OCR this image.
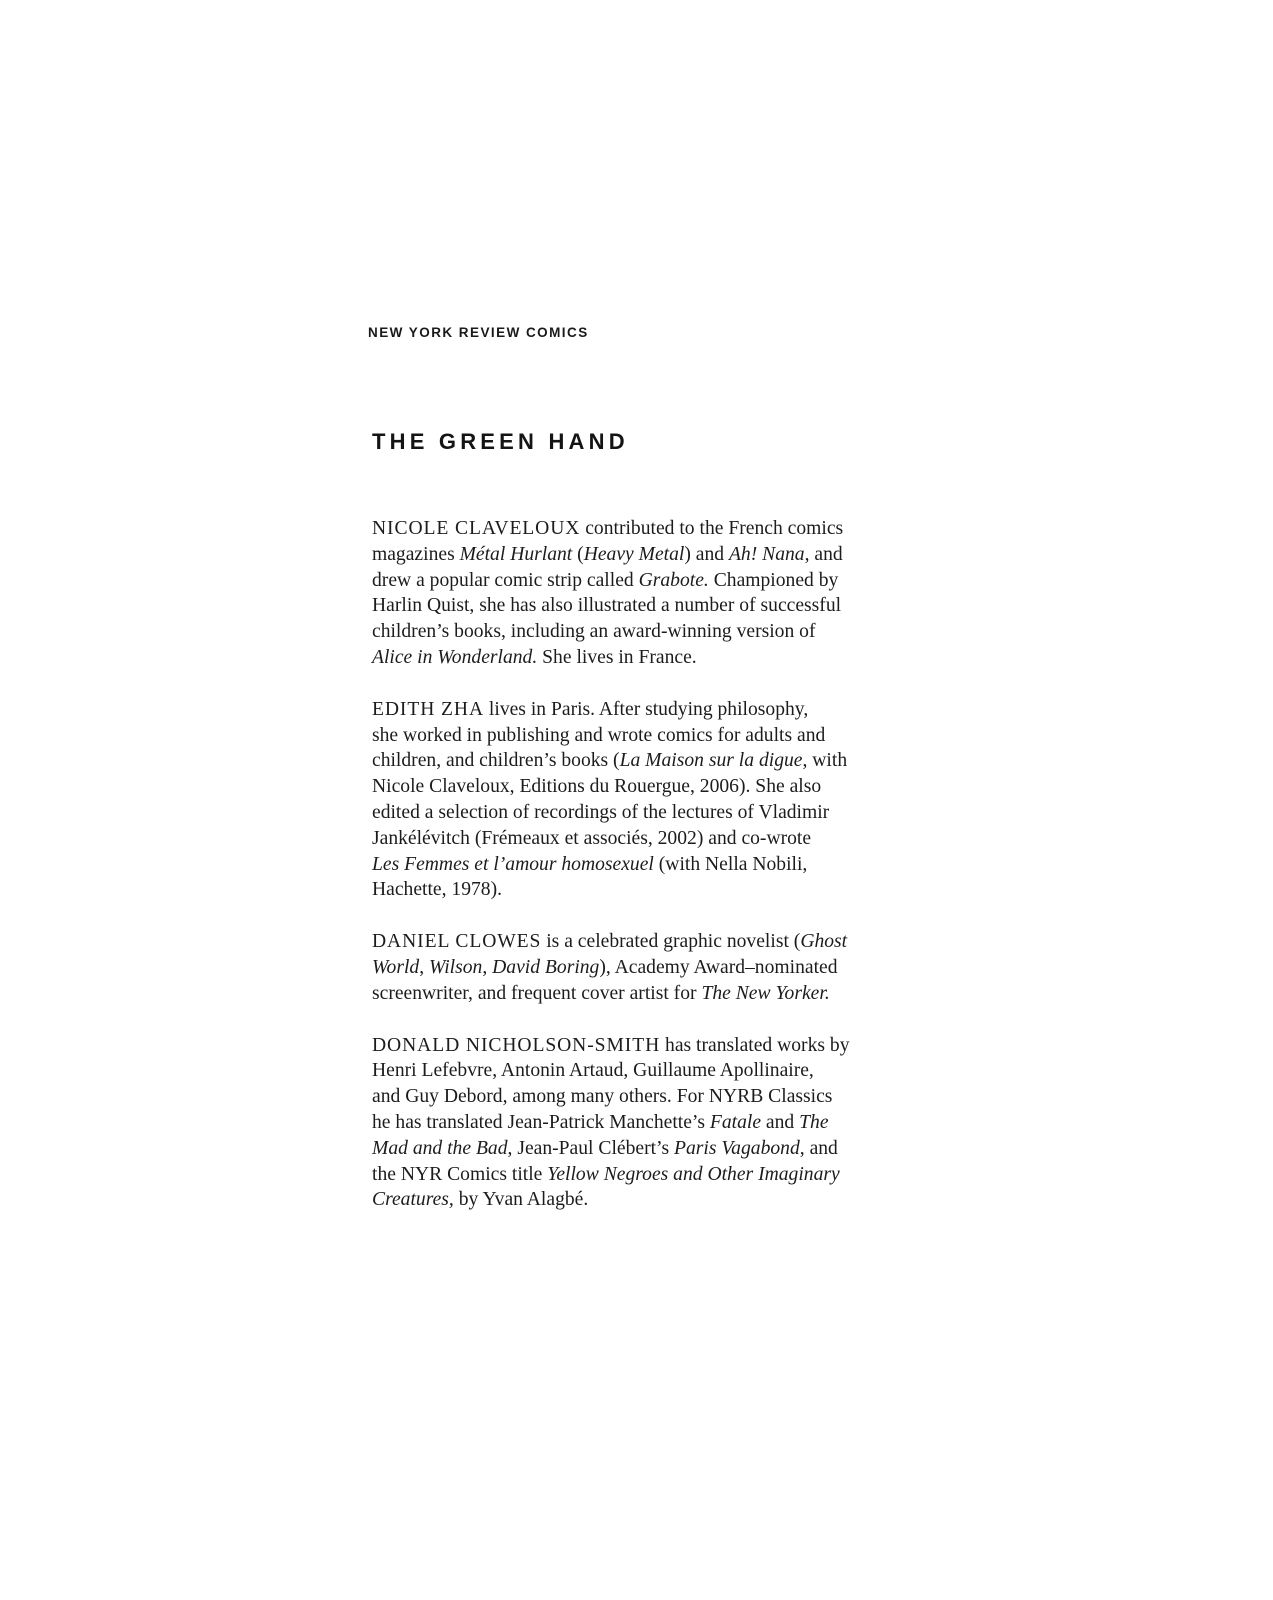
NEW YORK REVIEW COMICS
THE GREEN HAND
NICOLE CLAVELOUX contributed to the French comics
magazines Métal Hurlant (Heavy Metal) and Ah! Nana, and
drew a popular comic strip called Grabote. Championed by
Harlin Quist, she has also illustrated a number of successful
children’s books, including an award-winning version of
Alice in Wonderland. She lives in France.
EDITH ZHA lives in Paris. After studying philosophy,
she worked in publishing and wrote comics for adults and
children, and children’s books (La Maison sur la digue, with
Nicole Claveloux, Editions du Rouergue, 2006). She also
edited a selection of recordings of the lectures of Vladimir
Jankélévitch (Frémeaux et associés, 2002) and co-wrote
Les Femmes et l’amour homosexuel (with Nella Nobili,
Hachette, 1978).
DANIEL CLOWES is a celebrated graphic novelist (Ghost
World, Wilson, David Boring), Academy Award–nominated
screenwriter, and frequent cover artist for The New Yorker.
DONALD NICHOLSON-SMITH has translated works by
Henri Lefebvre, Antonin Artaud, Guillaume Apollinaire,
and Guy Debord, among many others. For NYRB Classics
he has translated Jean-Patrick Manchette’s Fatale and The
Mad and the Bad, Jean-Paul Clébert’s Paris Vagabond, and
the NYR Comics title Yellow Negroes and Other Imaginary
Creatures, by Yvan Alagbé.
